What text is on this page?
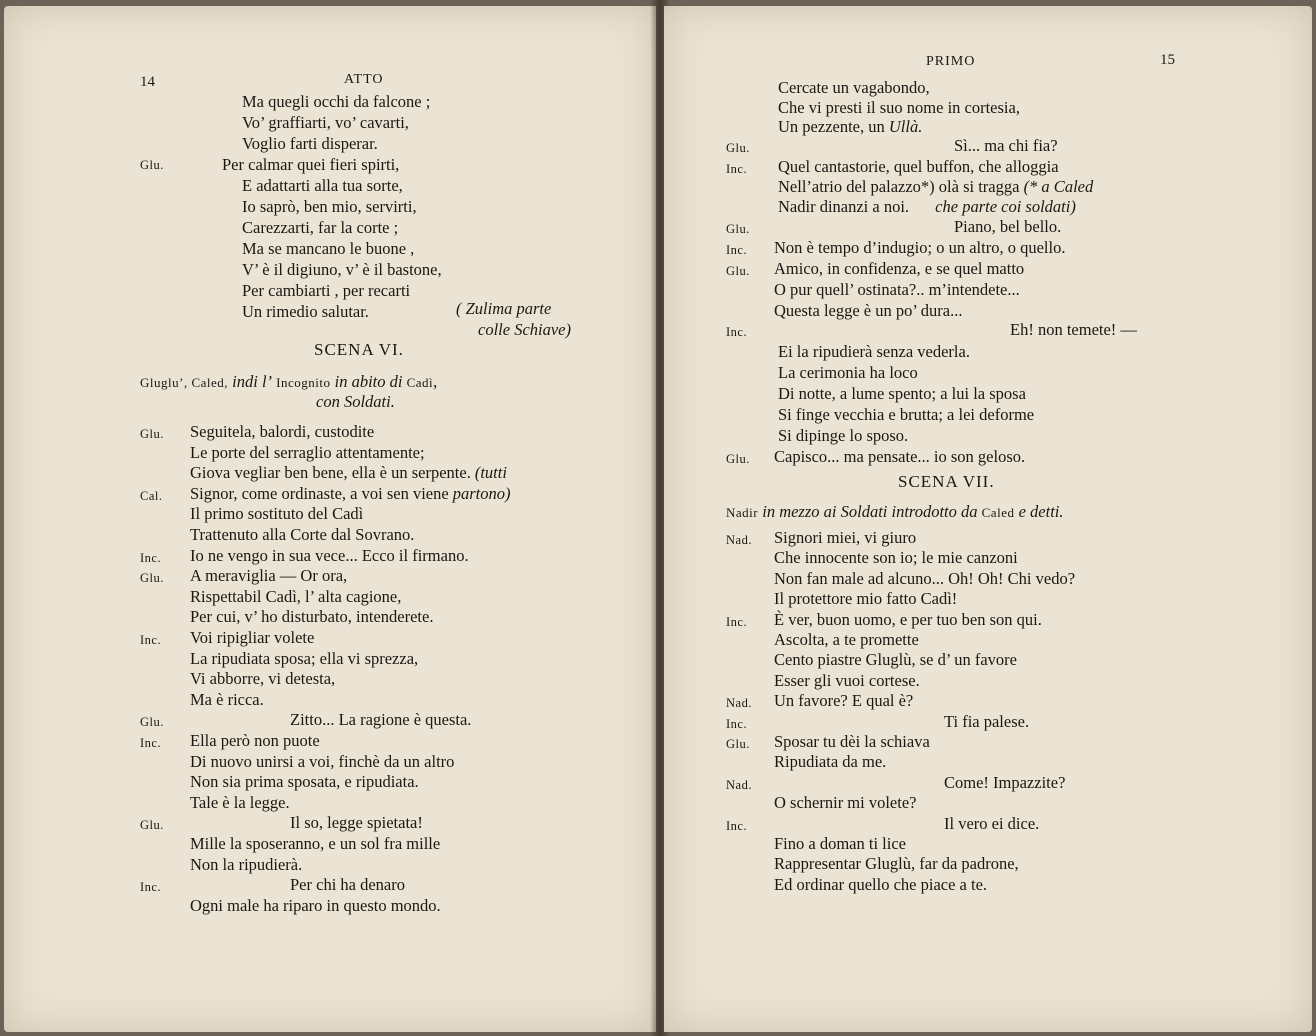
14	ATTO
Ma quegli occhi da falcone ;
Vo’ graffiarti, vo’ cavarti,
Voglio farti disperar.
Glu.	Per calmar quei fieri spirti,
E adattarti alla tua sorte,
Io saprò, ben mio, servirti,
Carezzarti, far la corte ;
Ma se mancano le buone ,
V’ è il digiuno, v’ è il bastone,
Per cambiarti , per recarti
Un rimedio salutar.	( Zulima parte
colle Schiave)
SCENA VI.
Gluglu’, Caled, indi l’ Incognito in abito di Cadì,
con Soldati.
Glu. Seguitela, balordi, custodite
Le porte del serraglio attentamente;
Giova vegliar ben bene, ella è un serpente. (tutti
Cal. Signor, come ordinaste, a voi sen viene partono)
Il primo sostituto del Cadì
Trattenuto alla Corte dal Sovrano.
Inc. Io ne vengo in sua vece... Ecco il firmano.
Glu. A meraviglia — Or ora,
Rispettabil Cadì, l’ alta cagione,
Per cui, v’ ho disturbato, intenderete.
Inc. Voi ripigliar volete
La ripudiata sposa; ella vi sprezza,
Vi abborre, vi detesta,
Ma è ricca.
Glu.	Zitto... La ragione è questa.
Inc. Ella però non puote
Di nuovo unirsi a voi, finchè da un altro
Non sia prima sposata, e ripudiata.
Tale è la legge.
Glu.	Il so, legge spietata!
Mille la sposeranno, e un sol fra mille
Non la ripudierà.
Inc.	Per chi ha denaro
Ogni male ha riparo in questo mondo.
PRIMO	15
Cercate un vagabondo,
Che vi presti il suo nome in cortesia,
Un pezzente, un Ullà.
Glu.	Sì... ma chi fia?
Inc. Quel cantastorie, quel buffon, che alloggia
Nell’atrio del palazzo*) olà si tragga (* a Caled
Nadir dinanzi a noi. che parte coi soldati)
Glu.	Piano, bel bello.
Inc. Non è tempo d’indugio; o un altro, o quello.
Glu. Amico, in confidenza, e se quel matto
O pur quell’ ostinata?.. m’intendete...
Questa legge è un po’ dura...
Inc.	Eh! non temete! —
Ei la ripudierà senza vederla.
La cerimonia ha loco
Di notte, a lume spento; a lui la sposa
Si finge vecchia e brutta; a lei deforme
Si dipinge lo sposo.
Glu. Capisco... ma pensate... io son geloso.
SCENA VII.
Nadir in mezzo ai Soldati introdotto da Caled e detti.
Nad. Signori miei, vi giuro
Che innocente son io; le mie canzoni
Non fan male ad alcuno... Oh! Oh! Chi vedo?
Il protettore mio fatto Cadì!
Inc. È ver, buon uomo, e per tuo ben son qui.
Ascolta, a te promette
Cento piastre Gluglù, se d’ un favore
Esser gli vuoi cortese.
Nad. Un favore? E qual è?
Inc.	Ti fia palese.
Glu. Sposar tu dèi la schiava
Ripudiata da me.
Nad.	Come! Impazzite?
O schernir mi volete?
Inc.	Il vero ei dice.
Fino a doman ti lice
Rappresentar Gluglù, far da padrone,
Ed ordinar quello che piace a te.
